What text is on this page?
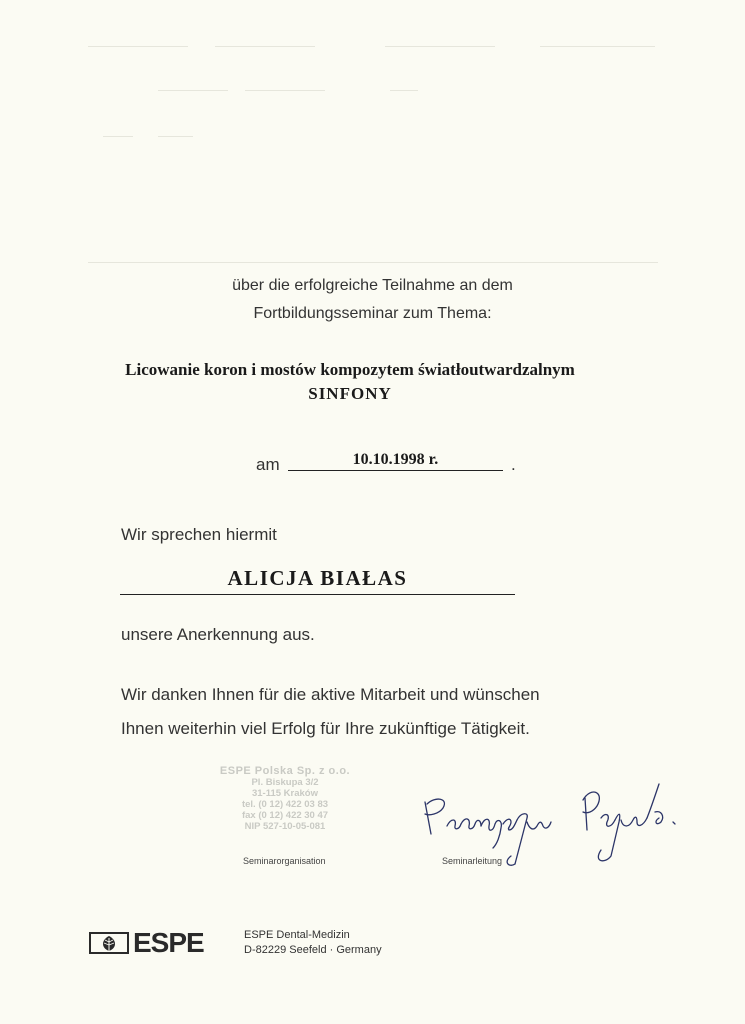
über die erfolgreiche Teilnahme an dem
Fortbildungsseminar zum Thema:
Licowanie koron i mostów kompozytem światłoutwardzalnym
SINFONY
am	10.10.1998 r.	.
Wir sprechen hiermit
ALICJA BIAŁAS
unsere Anerkennung aus.
Wir danken Ihnen für die aktive Mitarbeit und wünschen
Ihnen weiterhin viel Erfolg für Ihre zukünftige Tätigkeit.
ESPE Polska Sp. z o.o.
Pl. Biskupa 3/2
31-115 Kraków
tel. (0 12) 422 03 83
fax (0 12) 422 30 47
NIP 527-10-05-081
Seminarorganisation	Seminarleitung
ESPE	ESPE Dental-Medizin
D-82229 Seefeld · Germany
